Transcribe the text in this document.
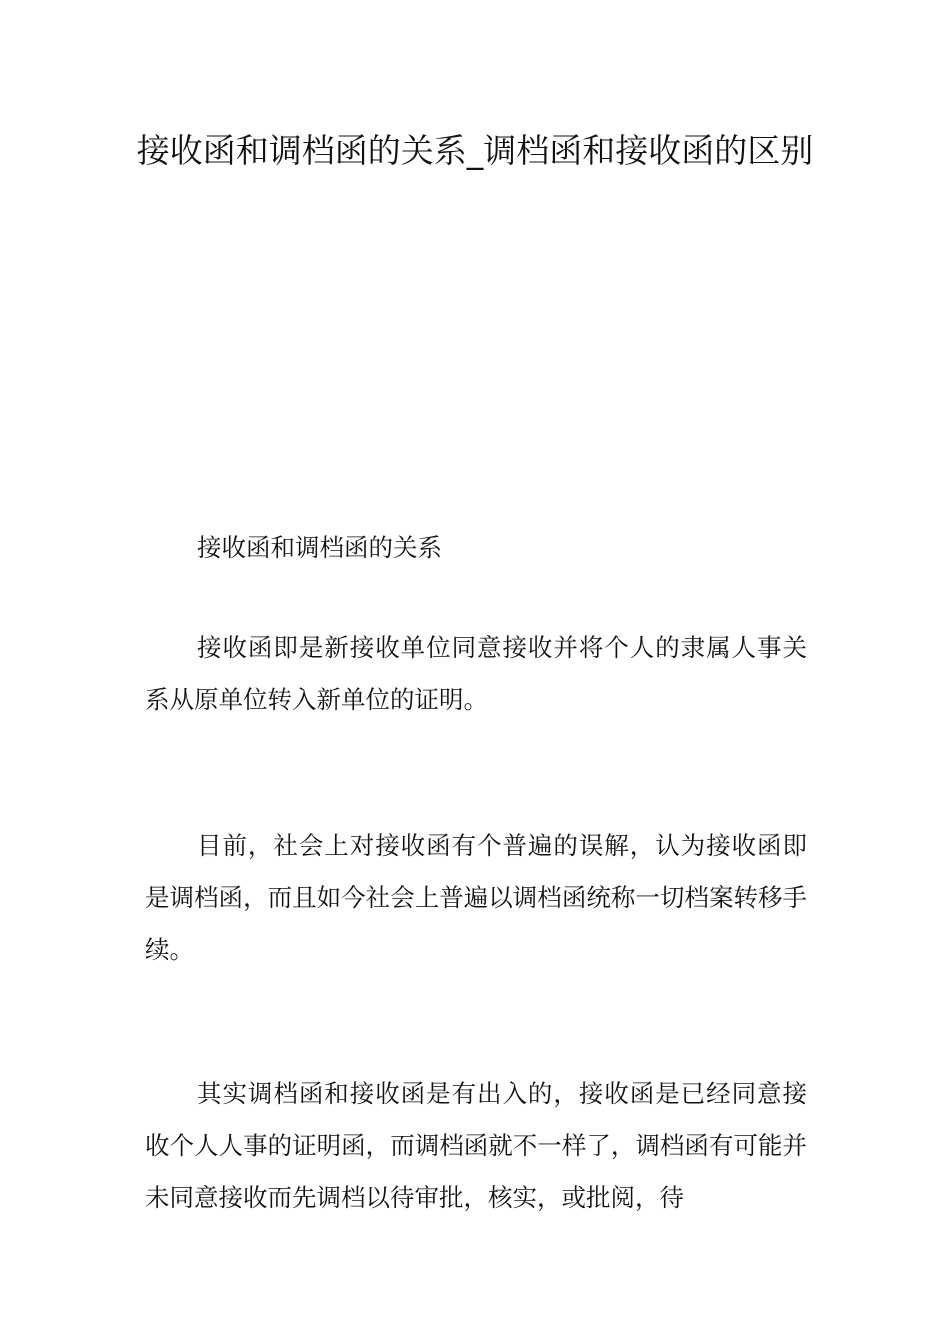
接收函和调档函的关系_调档函和接收函的区别

接收函和调档函的关系

接收函即是新接收单位同意接收并将个人的隶属人事关系从原单位转入新单位的证明。

目前，社会上对接收函有个普遍的误解，认为接收函即是调档函，而且如今社会上普遍以调档函统称一切档案转移手续。

其实调档函和接收函是有出入的，接收函是已经同意接收个人人事的证明函，而调档函就不一样了，调档函有可能并未同意接收而先调档以待审批，核实，或批阅，待
